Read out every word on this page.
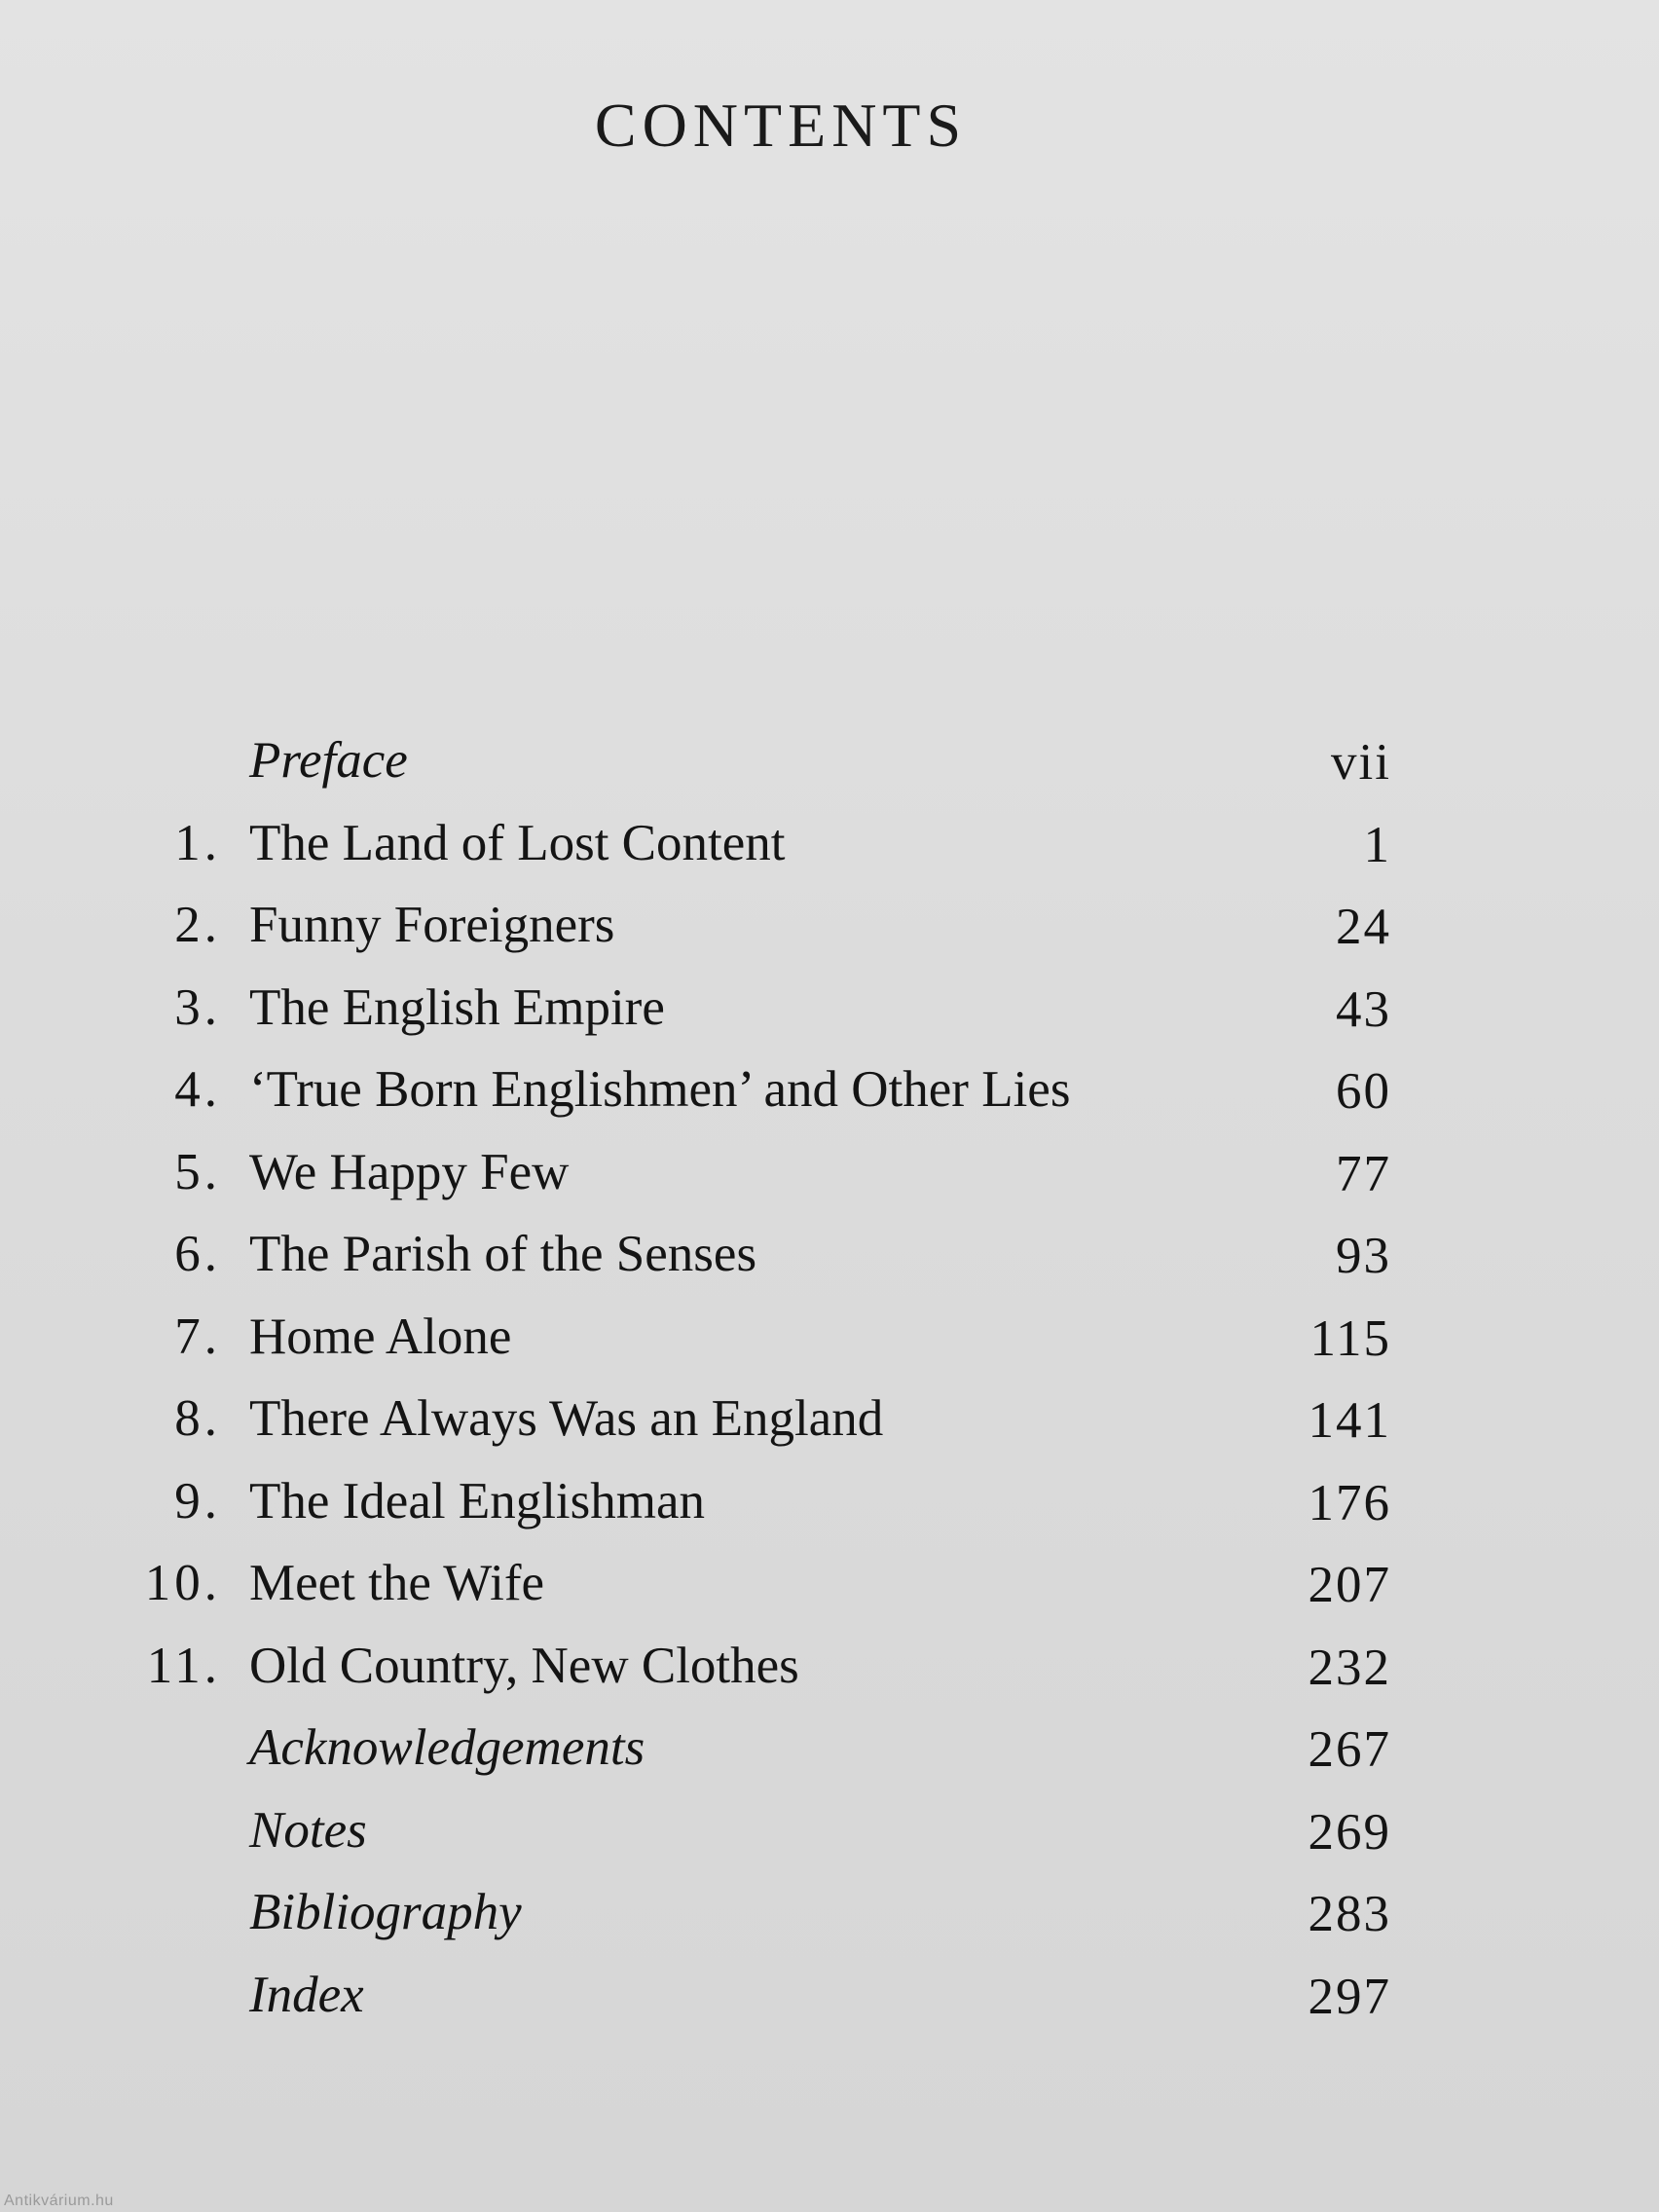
CONTENTS
Preface	vii
1. The Land of Lost Content	1
2. Funny Foreigners	24
3. The English Empire	43
4. ‘True Born Englishmen’ and Other Lies	60
5. We Happy Few	77
6. The Parish of the Senses	93
7. Home Alone	115
8. There Always Was an England	141
9. The Ideal Englishman	176
10. Meet the Wife	207
11. Old Country, New Clothes	232
Acknowledgements	267
Notes	269
Bibliography	283
Index	297
Antikvárium.hu
